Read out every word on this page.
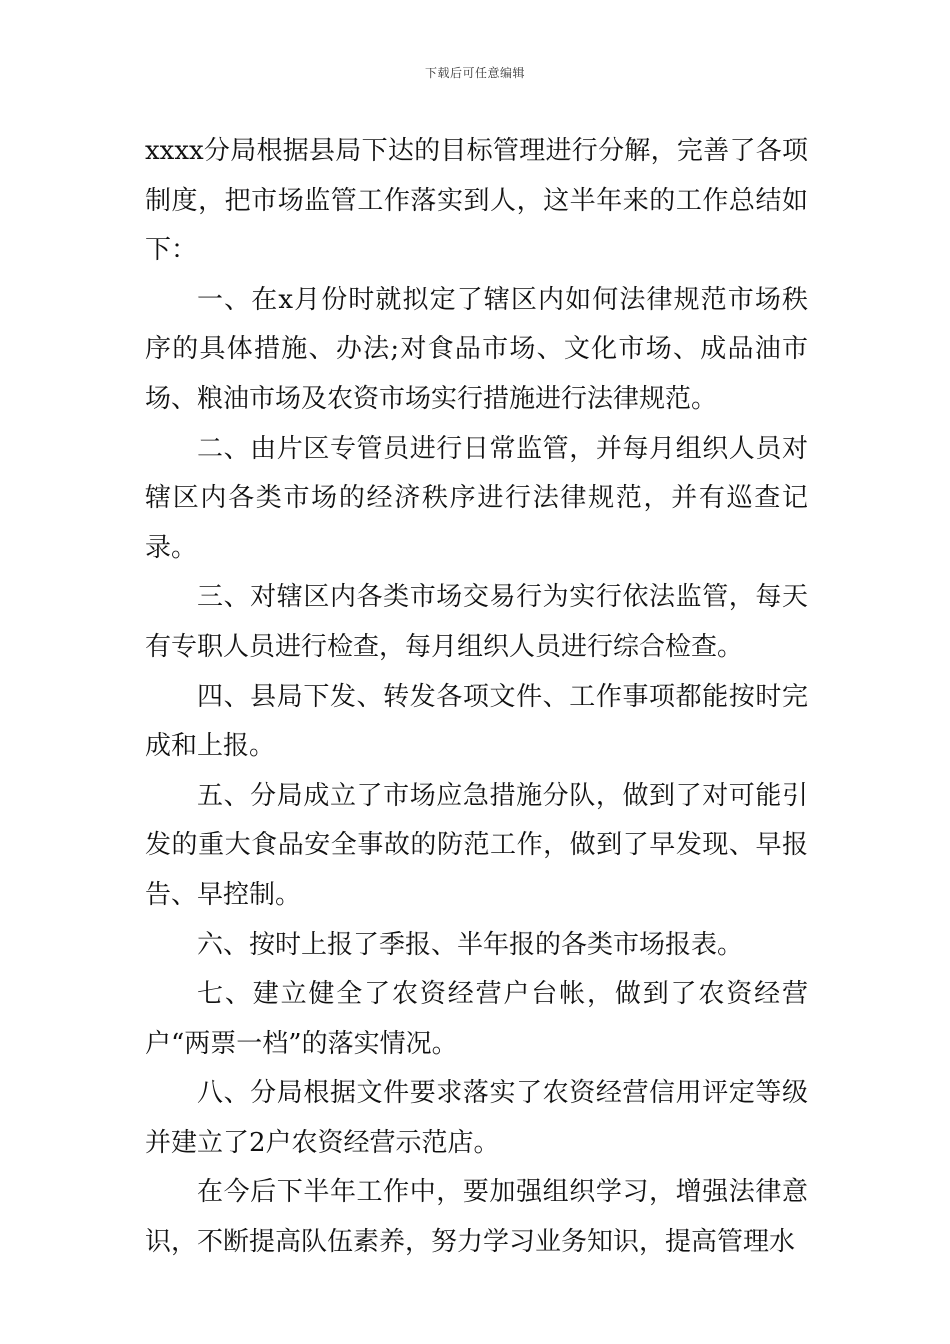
下载后可任意编辑

xxxx分局根据县局下达的目标管理进行分解，完善了各项制度，把市场监管工作落实到人，这半年来的工作总结如下：

一、在x月份时就拟定了辖区内如何法律规范市场秩序的具体措施、办法;对食品市场、文化市场、成品油市场、粮油市场及农资市场实行措施进行法律规范。

二、由片区专管员进行日常监管，并每月组织人员对辖区内各类市场的经济秩序进行法律规范，并有巡查记录。

三、对辖区内各类市场交易行为实行依法监管，每天有专职人员进行检查，每月组织人员进行综合检查。

四、县局下发、转发各项文件、工作事项都能按时完成和上报。

五、分局成立了市场应急措施分队，做到了对可能引发的重大食品安全事故的防范工作，做到了早发现、早报告、早控制。

六、按时上报了季报、半年报的各类市场报表。

七、建立健全了农资经营户台帐，做到了农资经营户“两票一档”的落实情况。

八、分局根据文件要求落实了农资经营信用评定等级并建立了2户农资经营示范店。

在今后下半年工作中，要加强组织学习，增强法律意识，不断提高队伍素养，努力学习业务知识，提高管理水
